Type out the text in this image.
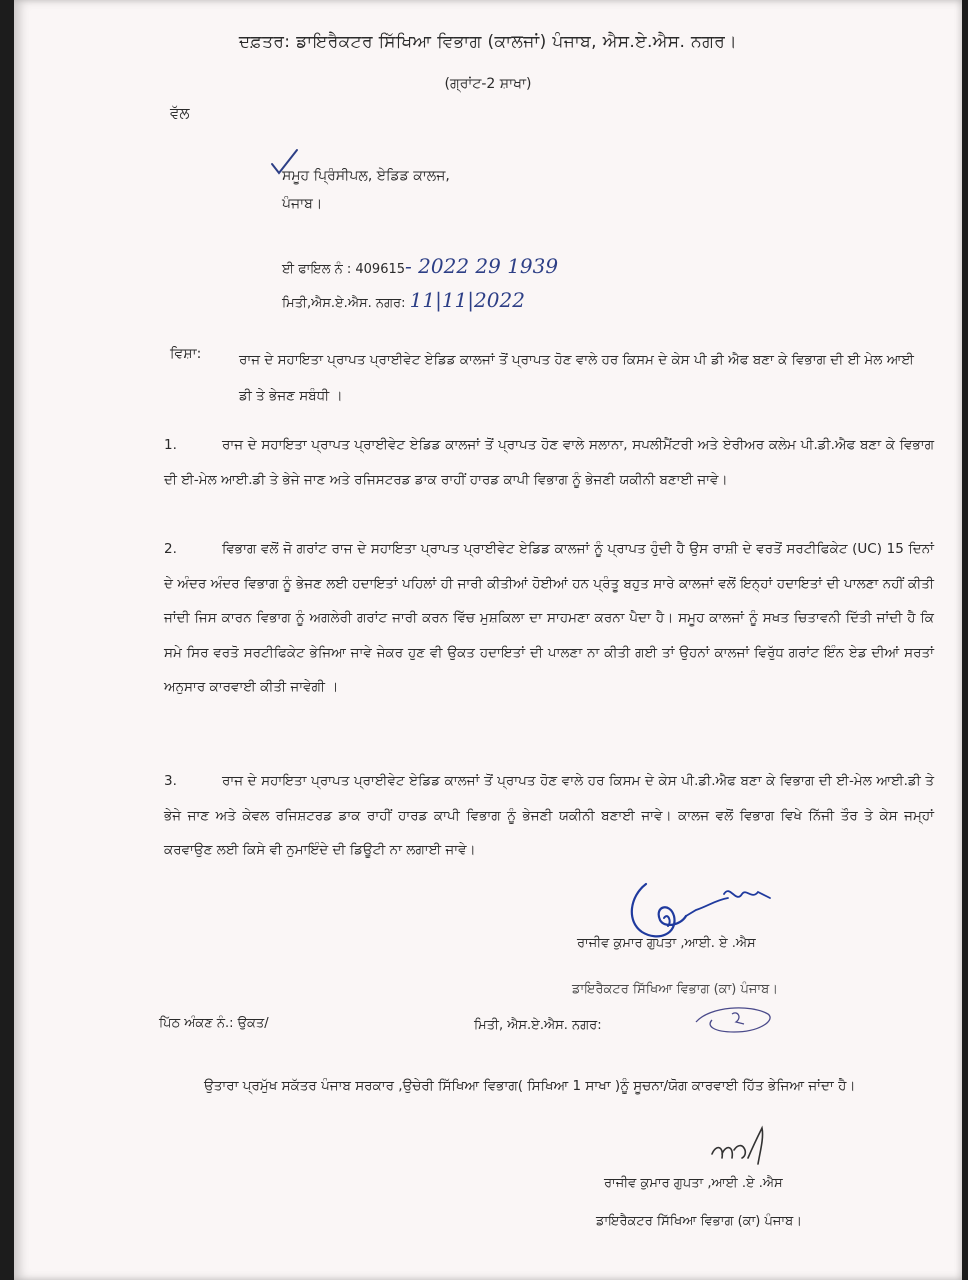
ਦਫ਼ਤਰ: ਡਾਇਰੈਕਟਰ ਸਿੱਖਿਆ ਵਿਭਾਗ (ਕਾਲਜਾਂ) ਪੰਜਾਬ, ਐਸ.ਏ.ਐਸ. ਨਗਰ।
(ਗ੍ਰਾਂਟ-2 ਸ਼ਾਖਾ)
ਵੱਲ
ਸਮੂਹ ਪ੍ਰਿੰਸੀਪਲ, ਏਡਿਡ ਕਾਲਜ,
ਪੰਜਾਬ।
ਈ ਫਾਇਲ ਨੰ : 409615- 2022 29 1939
ਮਿਤੀ,ਐਸ.ਏ.ਐਸ. ਨਗਰ: 11|11|2022
ਵਿਸ਼ਾ:	ਰਾਜ ਦੇ ਸਹਾਇਤਾ ਪ੍ਰਾਪਤ ਪ੍ਰਾਈਵੇਟ ਏਡਿਡ ਕਾਲਜਾਂ ਤੋਂ ਪ੍ਰਾਪਤ ਹੋਣ ਵਾਲੇ ਹਰ ਕਿਸਮ ਦੇ ਕੇਸ ਪੀ ਡੀ ਐਫ ਬਣਾ ਕੇ ਵਿਭਾਗ ਦੀ ਈ ਮੇਲ ਆਈ ਡੀ ਤੇ ਭੇਜਣ ਸਬੰਧੀ ।
1.	ਰਾਜ ਦੇ ਸਹਾਇਤਾ ਪ੍ਰਾਪਤ ਪ੍ਰਾਈਵੇਟ ਏਡਿਡ ਕਾਲਜਾਂ ਤੋਂ ਪ੍ਰਾਪਤ ਹੋਣ ਵਾਲੇ ਸਲਾਨਾ, ਸਪਲੀਮੈਂਟਰੀ ਅਤੇ ਏਰੀਅਰ ਕਲੇਮ ਪੀ.ਡੀ.ਐਫ ਬਣਾ ਕੇ ਵਿਭਾਗ ਦੀ ਈ-ਮੇਲ ਆਈ.ਡੀ ਤੇ ਭੇਜੇ ਜਾਣ ਅਤੇ ਰਜਿਸਟਰਡ ਡਾਕ ਰਾਹੀਂ ਹਾਰਡ ਕਾਪੀ ਵਿਭਾਗ ਨੂੰ ਭੇਜਣੀ ਯਕੀਨੀ ਬਣਾਈ ਜਾਵੇ।
2.	ਵਿਭਾਗ ਵਲੋਂ ਜੋ ਗਰਾਂਟ ਰਾਜ ਦੇ ਸਹਾਇਤਾ ਪ੍ਰਾਪਤ ਪ੍ਰਾਈਵੇਟ ਏਡਿਡ ਕਾਲਜਾਂ ਨੂੰ ਪ੍ਰਾਪਤ ਹੁੰਦੀ ਹੈ ਉਸ ਰਾਸ਼ੀ ਦੇ ਵਰਤੋਂ ਸਰਟੀਫਿਕੇਟ (UC) 15 ਦਿਨਾਂ ਦੇ ਅੰਦਰ ਅੰਦਰ ਵਿਭਾਗ ਨੂੰ ਭੇਜਣ ਲਈ ਹਦਾਇਤਾਂ ਪਹਿਲਾਂ ਹੀ ਜਾਰੀ ਕੀਤੀਆਂ ਹੋਈਆਂ ਹਨ ਪ੍ਰੰਤੂ ਬਹੁਤ ਸਾਰੇ ਕਾਲਜਾਂ ਵਲੋਂ ਇਨ੍ਹਾਂ ਹਦਾਇਤਾਂ ਦੀ ਪਾਲਣਾ ਨਹੀਂ ਕੀਤੀ ਜਾਂਦੀ ਜਿਸ ਕਾਰਨ ਵਿਭਾਗ ਨੂੰ ਅਗਲੇਰੀ ਗਰਾਂਟ ਜਾਰੀ ਕਰਨ ਵਿੱਚ ਮੁਸ਼ਕਿਲਾ ਦਾ ਸਾਹਮਣਾ ਕਰਨਾ ਪੈਦਾ ਹੈ। ਸਮੂਹ ਕਾਲਜਾਂ ਨੂੰ ਸਖਤ ਚਿਤਾਵਨੀ ਦਿੱਤੀ ਜਾਂਦੀ ਹੈ ਕਿ ਸਮੇ ਸਿਰ ਵਰਤੋ ਸਰਟੀਫਿਕੇਟ ਭੇਜਿਆ ਜਾਵੇ ਜੇਕਰ ਹੁਣ ਵੀ ਉਕਤ ਹਦਾਇਤਾਂ ਦੀ ਪਾਲਣਾ ਨਾ ਕੀਤੀ ਗਈ ਤਾਂ ਉਹਨਾਂ ਕਾਲਜਾਂ ਵਿਰੁੱਧ ਗਰਾਂਟ ਇੰਨ ਏਡ ਦੀਆਂ ਸਰਤਾਂ ਅਨੁਸਾਰ ਕਾਰਵਾਈ ਕੀਤੀ ਜਾਵੇਗੀ ।
3.	ਰਾਜ ਦੇ ਸਹਾਇਤਾ ਪ੍ਰਾਪਤ ਪ੍ਰਾਈਵੇਟ ਏਡਿਡ ਕਾਲਜਾਂ ਤੋਂ ਪ੍ਰਾਪਤ ਹੋਣ ਵਾਲੇ ਹਰ ਕਿਸਮ ਦੇ ਕੇਸ ਪੀ.ਡੀ.ਐਫ ਬਣਾ ਕੇ ਵਿਭਾਗ ਦੀ ਈ-ਮੇਲ ਆਈ.ਡੀ ਤੇ ਭੇਜੇ ਜਾਣ ਅਤੇ ਕੇਵਲ ਰਜਿਸ਼ਟਰਡ ਡਾਕ ਰਾਹੀਂ ਹਾਰਡ ਕਾਪੀ ਵਿਭਾਗ ਨੂੰ ਭੇਜਣੀ ਯਕੀਨੀ ਬਣਾਈ ਜਾਵੇ। ਕਾਲਜ ਵਲੋਂ ਵਿਭਾਗ ਵਿਖੇ ਨਿੱਜੀ ਤੌਰ ਤੇ ਕੇਸ ਜਮ੍ਹਾਂ ਕਰਵਾਉਣ ਲਈ ਕਿਸੇ ਵੀ ਨੁਮਾਇੰਦੇ ਦੀ ਡਿਊਟੀ ਨਾ ਲਗਾਈ ਜਾਵੇ।
ਰਾਜੀਵ ਕੁਮਾਰ ਗੁਪਤਾ ,ਆਈ. ਏ .ਐਸ
ਡਾਇਰੈਕਟਰ ਸਿੱਖਿਆ ਵਿਭਾਗ (ਕਾ) ਪੰਜਾਬ।
ਪਿੱਠ ਅੰਕਣ ਨੰ.: ਉਕਤ/	ਮਿਤੀ, ਐਸ.ਏ.ਐਸ. ਨਗਰ:
ਉਤਾਰਾ ਪ੍ਰਮੁੱਖ ਸਕੱਤਰ ਪੰਜਾਬ ਸਰਕਾਰ ,ਉਚੇਰੀ ਸਿੱਖਿਆ ਵਿਭਾਗ( ਸਿਖਿਆ 1 ਸਾਖਾ )ਨੂੰ ਸੂਚਨਾ/ਯੋਗ ਕਾਰਵਾਈ ਹਿੱਤ ਭੇਜਿਆ ਜਾਂਦਾ ਹੈ।
ਰਾਜੀਵ ਕੁਮਾਰ ਗੁਪਤਾ ,ਆਈ .ਏ .ਐਸ
ਡਾਇਰੈਕਟਰ ਸਿੱਖਿਆ ਵਿਭਾਗ (ਕਾ) ਪੰਜਾਬ।
